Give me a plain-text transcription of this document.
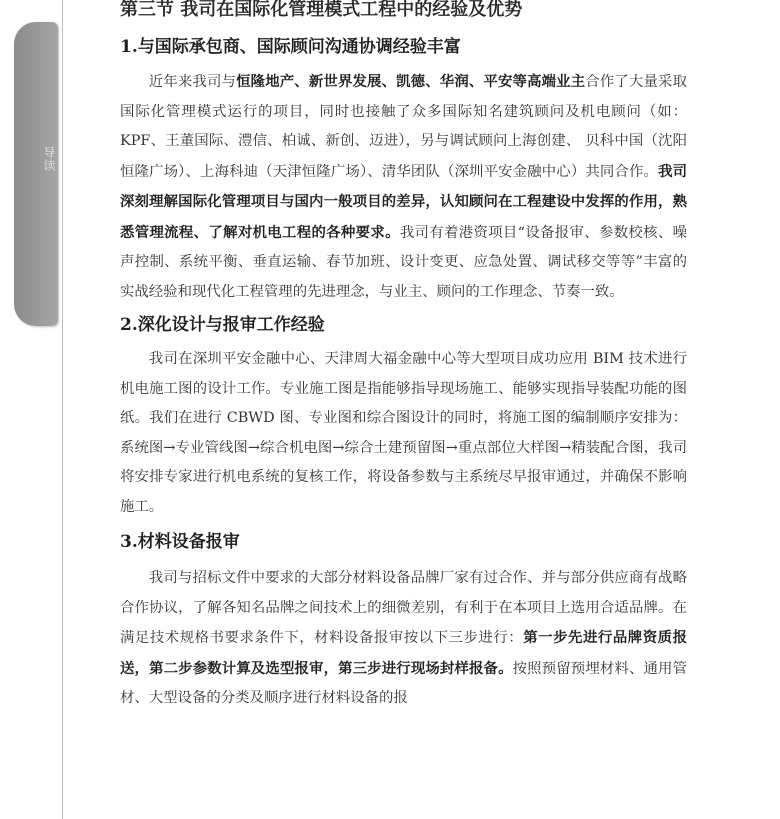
导读
第三节 我司在国际化管理模式工程中的经验及优势
1.与国际承包商、国际顾问沟通协调经验丰富

近年来我司与恒隆地产、新世界发展、凯德、华润、平安等高端业主合作了大量采取国际化管理模式运行的项目，同时也接触了众多国际知名建筑顾问及机电顾问（如：KPF、王董国际、澧信、柏诚、新创、迈进），另与调试顾问上海创建、 贝科中国（沈阳恒隆广场）、上海科迪（天津恒隆广场）、清华团队（深圳平安金融中心）共同合作。我司深刻理解国际化管理项目与国内一般项目的差异，认知顾问在工程建设中发挥的作用，熟悉管理流程、了解对机电工程的各种要求。我司有着港资项目“设备报审、参数校核、噪声控制、系统平衡、垂直运输、春节加班、设计变更、应急处置、调试移交等等”丰富的实战经验和现代化工程管理的先进理念，与业主、顾问的工作理念、节奏一致。

2.深化设计与报审工作经验

我司在深圳平安金融中心、天津周大福金融中心等大型项目成功应用 BIM 技术进行机电施工图的设计工作。专业施工图是指能够指导现场施工、能够实现指导装配功能的图纸。我们在进行 CBWD 图、专业图和综合图设计的同时，将施工图的编制顺序安排为：系统图→专业管线图→综合机电图→综合土建预留图→重点部位大样图→精装配合图，我司将安排专家进行机电系统的复核工作，将设备参数与主系统尽早报审通过，并确保不影响施工。

3.材料设备报审

我司与招标文件中要求的大部分材料设备品牌厂家有过合作、并与部分供应商有战略合作协议，了解各知名品牌之间技术上的细微差别，有利于在本项目上选用合适品牌。在满足技术规格书要求条件下，材料设备报审按以下三步进行：第一步先进行品牌资质报送，第二步参数计算及选型报审，第三步进行现场封样报备。按照预留预埋材料、通用管材、大型设备的分类及顺序进行材料设备的报
